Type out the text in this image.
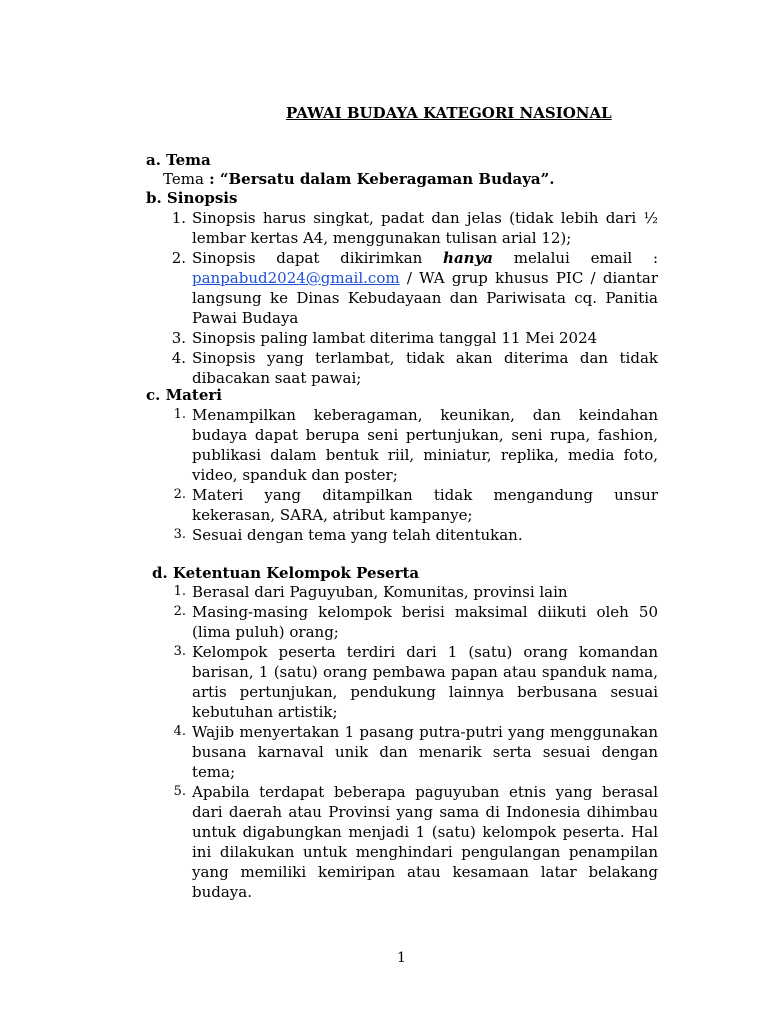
PAWAI BUDAYA KATEGORI NASIONAL
a. Tema
Tema : “Bersatu dalam Keberagaman Budaya”.
b. Sinopsis
1. Sinopsis harus singkat, padat dan jelas (tidak lebih dari ½ lembar kertas A4, menggunakan tulisan arial 12);
2. Sinopsis dapat dikirimkan hanya melalui email : panpabud2024@gmail.com / WA grup khusus PIC / diantar langsung ke Dinas Kebudayaan dan Pariwisata cq. Panitia Pawai Budaya
3. Sinopsis paling lambat diterima tanggal 11 Mei 2024
4. Sinopsis yang terlambat, tidak akan diterima dan tidak dibacakan saat pawai;
c. Materi
1. Menampilkan keberagaman, keunikan, dan keindahan budaya dapat berupa seni pertunjukan, seni rupa, fashion, publikasi dalam bentuk riil, miniatur, replika, media foto, video, spanduk dan poster;
2. Materi yang ditampilkan tidak mengandung unsur kekerasan, SARA, atribut kampanye;
3. Sesuai dengan tema yang telah ditentukan.
d. Ketentuan Kelompok Peserta
1. Berasal dari Paguyuban, Komunitas, provinsi lain
2. Masing-masing kelompok berisi maksimal diikuti oleh 50 (lima puluh) orang;
3. Kelompok peserta terdiri dari 1 (satu) orang komandan barisan, 1 (satu) orang pembawa papan atau spanduk nama, artis pertunjukan, pendukung lainnya berbusana sesuai kebutuhan artistik;
4. Wajib menyertakan 1 pasang putra-putri yang menggunakan busana karnaval unik dan menarik serta sesuai dengan tema;
5. Apabila terdapat beberapa paguyuban etnis yang berasal dari daerah atau Provinsi yang sama di Indonesia dihimbau untuk digabungkan menjadi 1 (satu) kelompok peserta. Hal ini dilakukan untuk menghindari pengulangan penampilan yang memiliki kemiripan atau kesamaan latar belakang budaya.
1
